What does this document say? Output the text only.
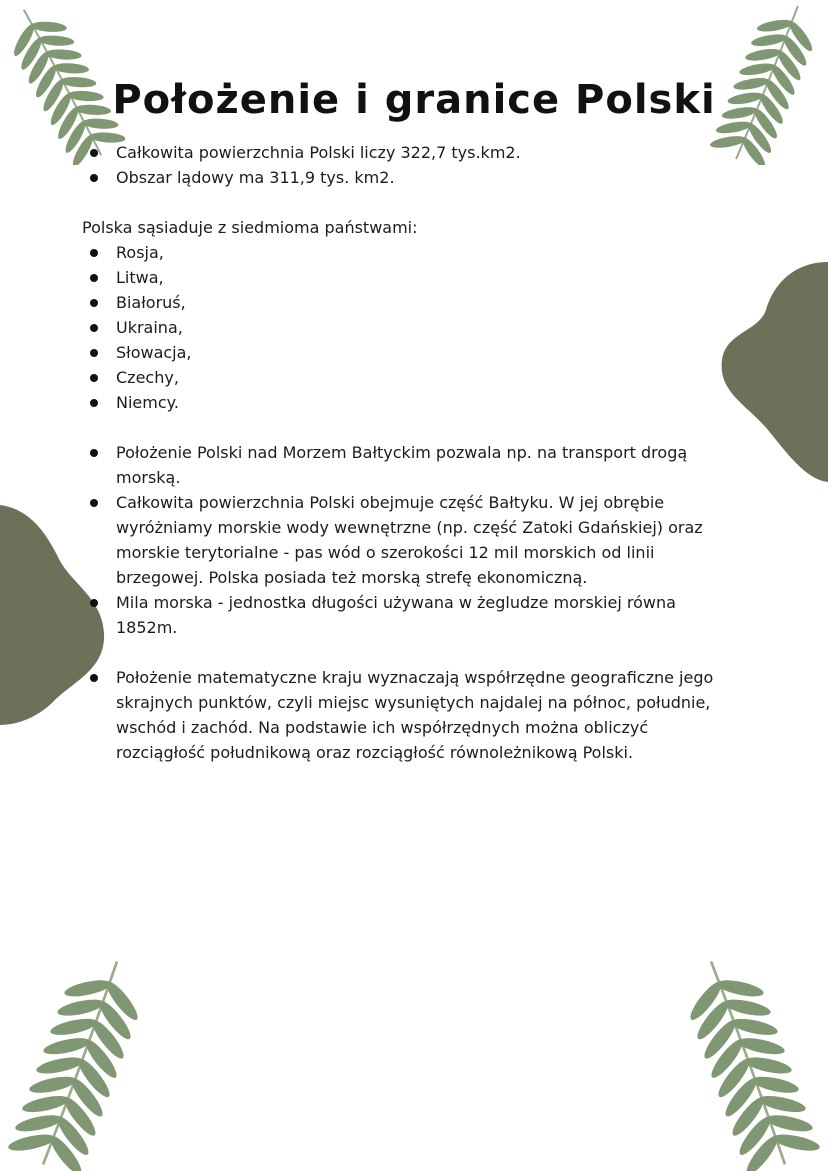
Położenie i granice Polski
Całkowita powierzchnia Polski liczy 322,7 tys.km2.
Obszar lądowy ma 311,9 tys. km2.

Polska sąsiaduje z siedmioma państwami:

Rosja,
Litwa,
Białoruś,
Ukraina,
Słowacja,
Czechy,
Niemcy.
Położenie Polski nad Morzem Bałtyckim pozwala np. na transport drogą morską.
Całkowita powierzchnia Polski obejmuje część Bałtyku. W jej obrębie wyróżniamy morskie wody wewnętrzne (np. część Zatoki Gdańskiej) oraz morskie terytorialne - pas wód o szerokości 12 mil morskich od linii brzegowej. Polska posiada też morską strefę ekonomiczną.
Mila morska - jednostka długości używana w żegludze morskiej równa 1852m.
Położenie matematyczne kraju wyznaczają współrzędne geograficzne jego skrajnych punktów, czyli miejsc wysuniętych najdalej na północ, południe, wschód i zachód. Na podstawie ich współrzędnych można obliczyć rozciągłość południkową oraz rozciągłość równoleżnikową Polski.
